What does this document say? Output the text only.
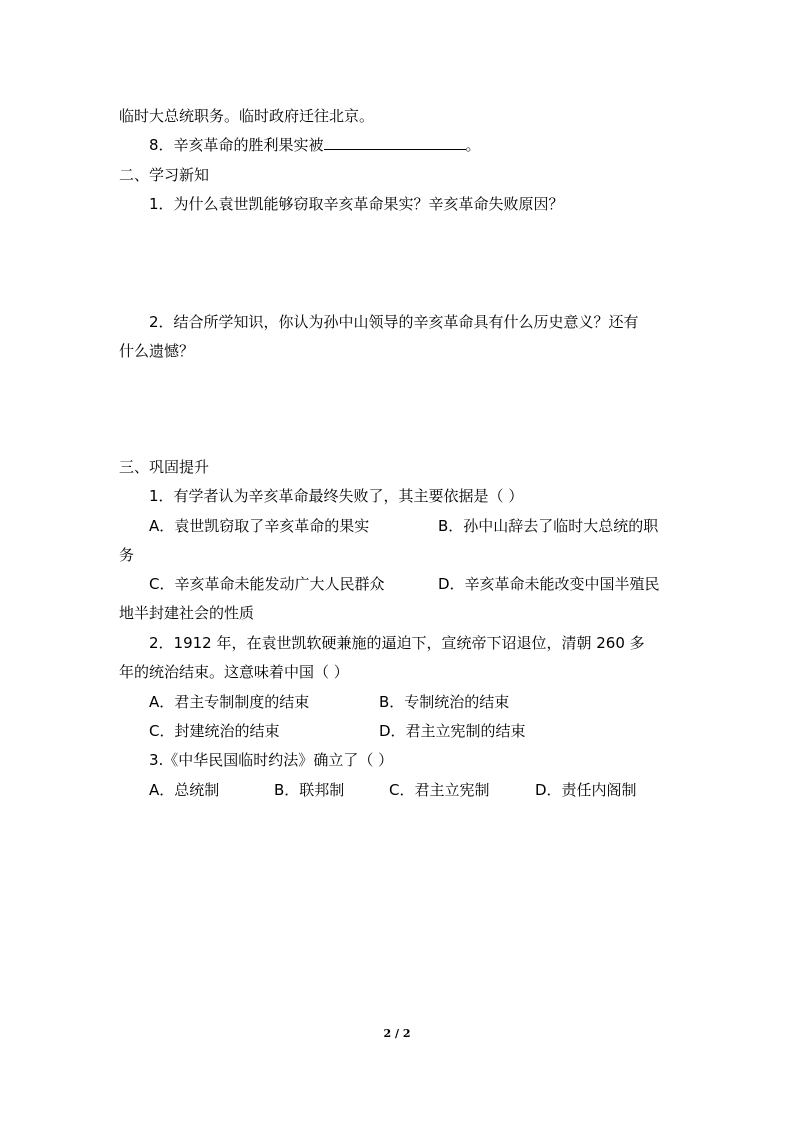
临时大总统职务。临时政府迁往北京。
8．辛亥革命的胜利果实被	。
二、学习新知
1．为什么袁世凯能够窃取辛亥革命果实？辛亥革命失败原因？
2．结合所学知识，你认为孙中山领导的辛亥革命具有什么历史意义？还有
什么遗憾？
三、巩固提升
1．有学者认为辛亥革命最终失败了，其主要依据是（ ）
A．袁世凯窃取了辛亥革命的果实	B．孙中山辞去了临时大总统的职
务
C．辛亥革命未能发动广大人民群众	D．辛亥革命未能改变中国半殖民
地半封建社会的性质
2．1912 年，在袁世凯软硬兼施的逼迫下，宣统帝下诏退位，清朝 260 多
年的统治结束。这意味着中国（ ）
A．君主专制制度的结束	B．专制统治的结束
C．封建统治的结束	D．君主立宪制的结束
3.《中华民国临时约法》确立了（ ）
A．总统制	B．联邦制	C．君主立宪制	D．责任内阁制
2 / 2
